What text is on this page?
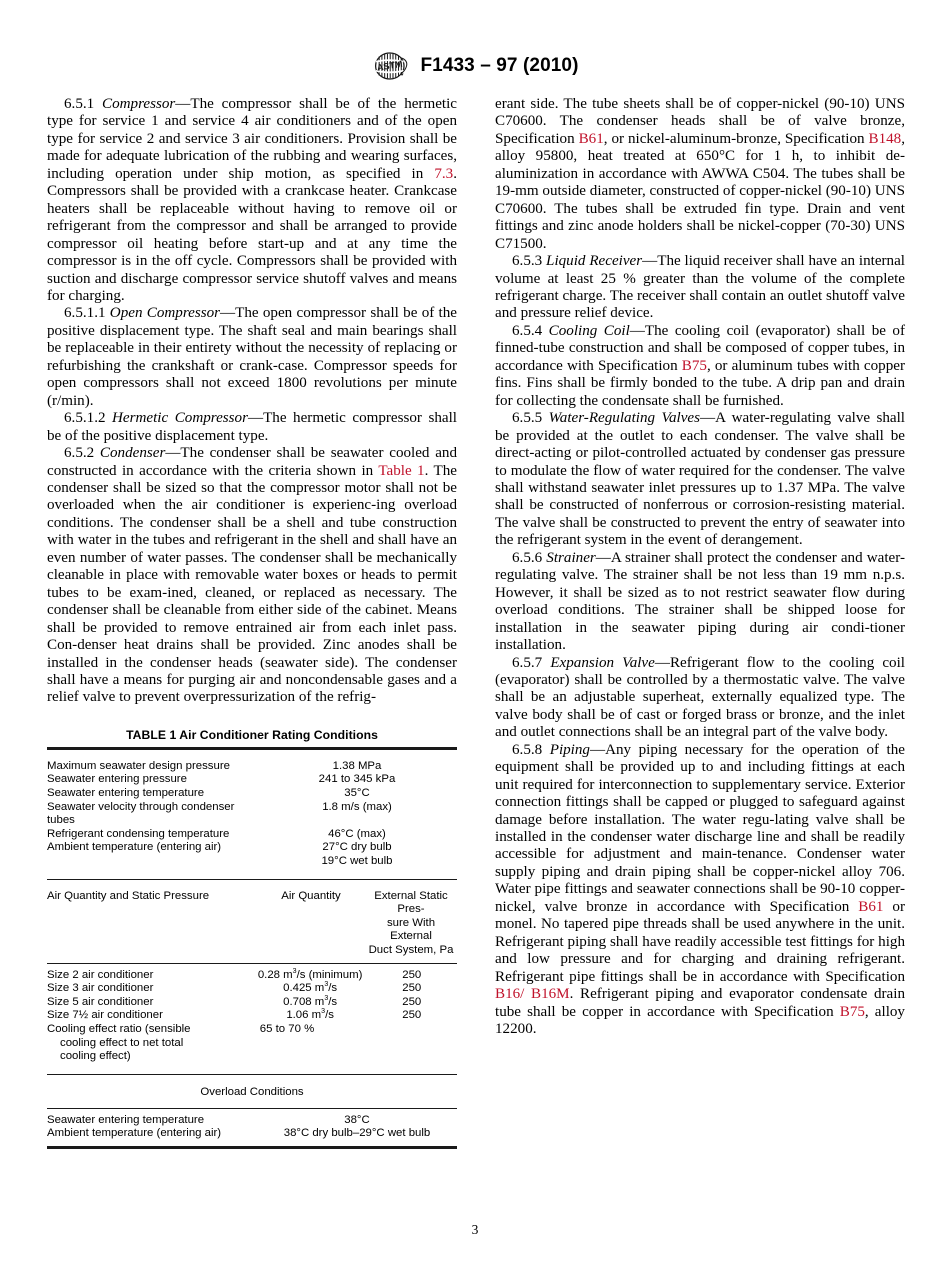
ASTM F1433 – 97 (2010)

6.5.1 Compressor—The compressor shall be of the hermetic type for service 1 and service 4 air conditioners and of the open type for service 2 and service 3 air conditioners. Provision shall be made for adequate lubrication of the rubbing and wearing surfaces, including operation under ship motion, as specified in 7.3. Compressors shall be provided with a crankcase heater. Crankcase heaters shall be replaceable without having to remove oil or refrigerant from the compressor and shall be arranged to provide compressor oil heating before start-up and at any time the compressor is in the off cycle. Compressors shall be provided with suction and discharge compressor service shutoff valves and means for charging.

6.5.1.1 Open Compressor—The open compressor shall be of the positive displacement type. The shaft seal and main bearings shall be replaceable in their entirety without the necessity of replacing or refurbishing the crankshaft or crank-case. Compressor speeds for open compressors shall not exceed 1800 revolutions per minute (r/min).

6.5.1.2 Hermetic Compressor—The hermetic compressor shall be of the positive displacement type.

6.5.2 Condenser—The condenser shall be seawater cooled and constructed in accordance with the criteria shown in Table 1. The condenser shall be sized so that the compressor motor shall not be overloaded when the air conditioner is experienc-ing overload conditions. The condenser shall be a shell and tube construction with water in the tubes and refrigerant in the shell and shall have an even number of water passes. The condenser shall be mechanically cleanable in place with removable water boxes or heads to permit tubes to be exam-ined, cleaned, or replaced as necessary. The condenser shall be cleanable from either side of the cabinet. Means shall be provided to remove entrained air from each inlet pass. Con-denser heat drains shall be provided. Zinc anodes shall be installed in the condenser heads (seawater side). The condenser shall have a means for purging air and noncondensable gases and a relief valve to prevent overpressurization of the refrig-

TABLE 1 Air Conditioner Rating Conditions
Maximum seawater design pressure	1.38 MPa
Seawater entering pressure	241 to 345 kPa
Seawater entering temperature	35°C
Seawater velocity through condenser tubes	1.8 m/s (max)
Refrigerant condensing temperature	46°C (max)
Ambient temperature (entering air)	27°C dry bulb
	19°C wet bulb
Air Quantity and Static Pressure	Air Quantity	External Static Pres-
sure With External
Duct System, Pa
Size 2 air conditioner	0.28 $m^3/s$ (minimum)	250
Size 3 air conditioner	0.425 $m^3/s$	250
Size 5 air conditioner	0.708 $m^3/s$	250
Size 7½ air conditioner	1.06 $m^3/s$	250
Cooling effect ratio (sensible	65 to 70 %	
cooling effect to net total		
cooling effect)		
Overload Conditions
Seawater entering temperature	38°C
Ambient temperature (entering air)	38°C dry bulb–29°C wet bulb

erant side. The tube sheets shall be of copper-nickel (90-10) UNS C70600. The condenser heads shall be of valve bronze, Specification B61, or nickel-aluminum-bronze, Specification B148, alloy 95800, heat treated at 650°C for 1 h, to inhibit de-aluminization in accordance with AWWA C504. The tubes shall be 19-mm outside diameter, constructed of copper-nickel (90-10) UNS C70600. The tubes shall be extruded fin type. Drain and vent fittings and zinc anode holders shall be nickel-copper (70-30) UNS C71500.

6.5.3 Liquid Receiver—The liquid receiver shall have an internal volume at least 25 % greater than the volume of the complete refrigerant charge. The receiver shall contain an outlet shutoff valve and pressure relief device.

6.5.4 Cooling Coil—The cooling coil (evaporator) shall be of finned-tube construction and shall be composed of copper tubes, in accordance with Specification B75, or aluminum tubes with copper fins. Fins shall be firmly bonded to the tube. A drip pan and drain for collecting the condensate shall be furnished.

6.5.5 Water-Regulating Valves—A water-regulating valve shall be provided at the outlet to each condenser. The valve shall be direct-acting or pilot-controlled actuated by condenser gas pressure to modulate the flow of water required for the condenser. The valve shall withstand seawater inlet pressures up to 1.37 MPa. The valve shall be constructed of nonferrous or corrosion-resisting material. The valve shall be constructed to prevent the entry of seawater into the refrigerant system in the event of derangement.

6.5.6 Strainer—A strainer shall protect the condenser and water-regulating valve. The strainer shall be not less than 19 mm n.p.s. However, it shall be sized as to not restrict seawater flow during overload conditions. The strainer shall be shipped loose for installation in the seawater piping during air condi-tioner installation.

6.5.7 Expansion Valve—Refrigerant flow to the cooling coil (evaporator) shall be controlled by a thermostatic valve. The valve shall be an adjustable superheat, externally equalized type. The valve body shall be of cast or forged brass or bronze, and the inlet and outlet connections shall be an integral part of the valve body.

6.5.8 Piping—Any piping necessary for the operation of the equipment shall be provided up to and including fittings at each unit required for interconnection to supplementary service. Exterior connection fittings shall be capped or plugged to safeguard against damage before installation. The water regu-lating valve shall be installed in the condenser water discharge line and shall be readily accessible for adjustment and main-tenance. Condenser water supply piping and drain piping shall be copper-nickel alloy 706. Water pipe fittings and seawater connections shall be 90-10 copper-nickel, valve bronze in accordance with Specification B61 or monel. No tapered pipe threads shall be used anywhere in the unit. Refrigerant piping shall have readily accessible test fittings for high and low pressure and for charging and draining refrigerant. Refrigerant pipe fittings shall be in accordance with Specification B16/ B16M. Refrigerant piping and evaporator condensate drain tube shall be copper in accordance with Specification B75, alloy 12200.

3
